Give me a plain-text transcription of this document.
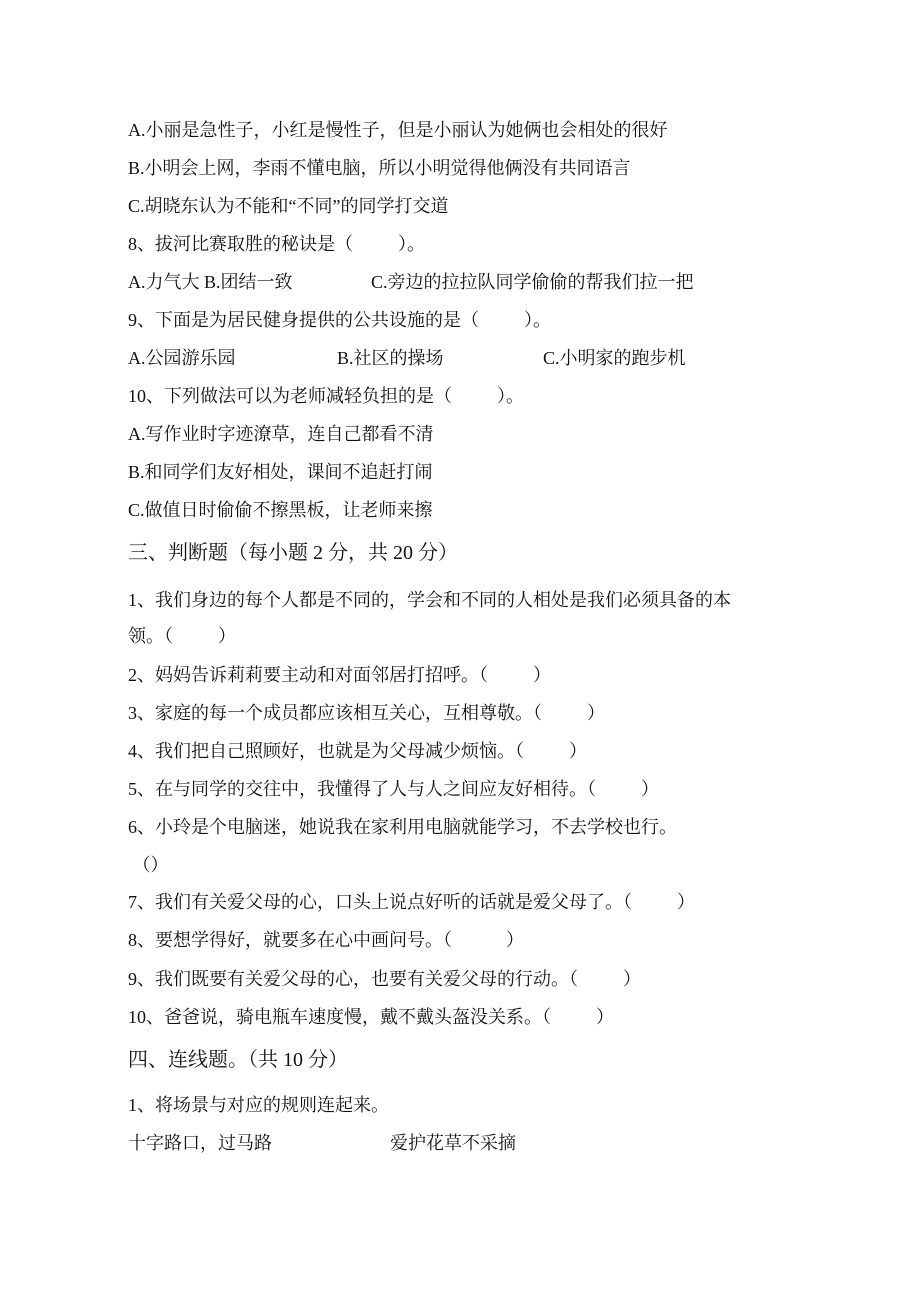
A.小丽是急性子，小红是慢性子，但是小丽认为她俩也会相处的很好
B.小明会上网，李雨不懂电脑，所以小明觉得他俩没有共同语言
C.胡晓东认为不能和“不同”的同学打交道
8、拔河比赛取胜的秘诀是（          ）。

A.力气大 B.团结一致

	C.旁边的拉拉队同学偷偷的帮我们拉一把

9、下面是为居民健身提供的公共设施的是（          ）。

A.公园游乐园

	B.社区的操场

	C.小明家的跑步机

10、下列做法可以为老师减轻负担的是（          ）。
A.写作业时字迹潦草，连自己都看不清
B.和同学们友好相处，课间不追赶打闹
C.做值日时偷偷不擦黑板，让老师来擦
三、判断题（每小题 2 分，共 20 分）
1、我们身边的每个人都是不同的，学会和不同的人相处是我们必须具备的本
领。（          ）
2、妈妈告诉莉莉要主动和对面邻居打招呼。（          ）
3、家庭的每一个成员都应该相互关心，互相尊敬。（          ）
4、我们把自己照顾好，也就是为父母减少烦恼。（          ）
5、在与同学的交往中，我懂得了人与人之间应友好相待。（          ）
6、小玲是个电脑迷，她说我在家利用电脑就能学习，不去学校也行。
（）
7、我们有关爱父母的心，口头上说点好听的话就是爱父母了。（          ）
8、要想学得好，就要多在心中画问号。（            ）
9、我们既要有关爱父母的心，也要有关爱父母的行动。（          ）
10、爸爸说，骑电瓶车速度慢，戴不戴头盔没关系。（          ）
四、连线题。（共 10 分）
1、将场景与对应的规则连起来。

十字路口，过马路

	爱护花草不采摘
